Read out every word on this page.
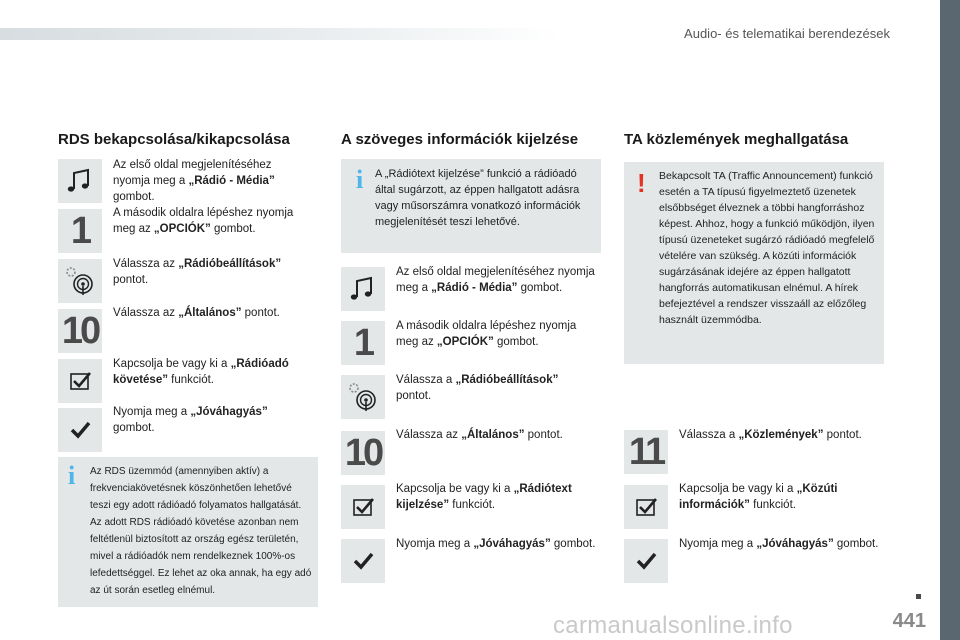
Audio- és telematikai berendezések
RDS bekapcsolása/kikapcsolása
Az első oldal megjelenítéséhez nyomja meg a „Rádió - Média” gombot.
1	A második oldalra lépéshez nyomja meg az „OPCIÓK” gombot.
Válassza az „Rádióbeállítások” pontot.
10	Válassza az „Általános” pontot.
Kapcsolja be vagy ki a „Rádióadó követése” funkciót.
Nyomja meg a „Jóváhagyás” gombot.
i Az RDS üzemmód (amennyiben aktív) a frekvenciakövetésnek köszönhetően lehetővé teszi egy adott rádióadó folyamatos hallgatását. Az adott RDS rádióadó követése azonban nem feltétlenül biztosított az ország egész területén, mivel a rádióadók nem rendelkeznek 100%-os lefedettséggel. Ez lehet az oka annak, ha egy adó az út során esetleg elnémul.
A szöveges információk kijelzése
i A „Rádiótext kijelzése” funkció a rádióadó által sugárzott, az éppen hallgatott adásra vagy műsorszámra vonatkozó információk megjelenítését teszi lehetővé.
Az első oldal megjelenítéséhez nyomja meg a „Rádió - Média” gombot.
1	A második oldalra lépéshez nyomja meg az „OPCIÓK” gombot.
Válassza a „Rádióbeállítások” pontot.
10	Válassza az „Általános” pontot.
Kapcsolja be vagy ki a „Rádiótext kijelzése” funkciót.
Nyomja meg a „Jóváhagyás” gombot.
TA közlemények meghallgatása
! Bekapcsolt TA (Traffic Announcement) funkció esetén a TA típusú figyelmeztető üzenetek elsőbbséget élveznek a többi hangforráshoz képest. Ahhoz, hogy a funkció működjön, ilyen típusú üzeneteket sugárzó rádióadó megfelelő vételére van szükség. A közúti információk sugárzásának idejére az éppen hallgatott hangforrás automatikusan elnémul. A hírek befejeztével a rendszer visszaáll az előzőleg használt üzemmódba.
11	Válassza a „Közlemények” pontot.
Kapcsolja be vagy ki a „Közúti információk” funkciót.
Nyomja meg a „Jóváhagyás” gombot.
441
carmanualsonline.info
